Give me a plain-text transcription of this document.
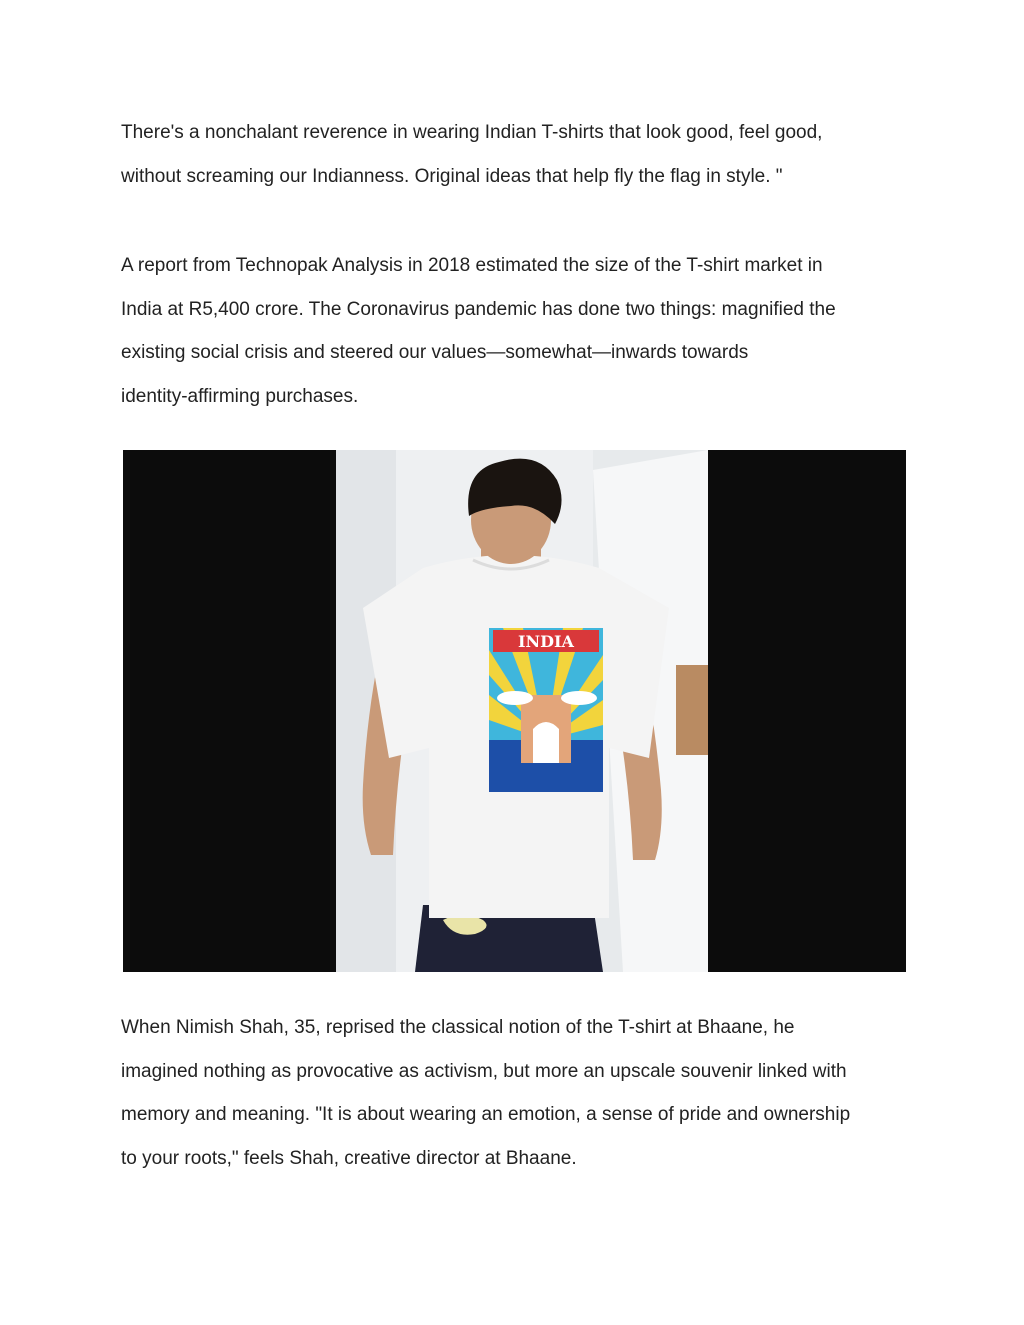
There's a nonchalant reverence in wearing Indian T-shirts that look good, feel good,
without screaming our Indianness. Original ideas that help fly the flag in style. "
A report from Technopak Analysis in 2018 estimated the size of the T-shirt market in
India at R5,400 crore. The Coronavirus pandemic has done two things: magnified the
existing social crisis and steered our values—somewhat—inwards towards
identity-affirming purchases.
INDIA
When Nimish Shah, 35, reprised the classical notion of the T-shirt at Bhaane, he
imagined nothing as provocative as activism, but more an upscale souvenir linked with
memory and meaning. "It is about wearing an emotion, a sense of pride and ownership
to your roots," feels Shah, creative director at Bhaane.
